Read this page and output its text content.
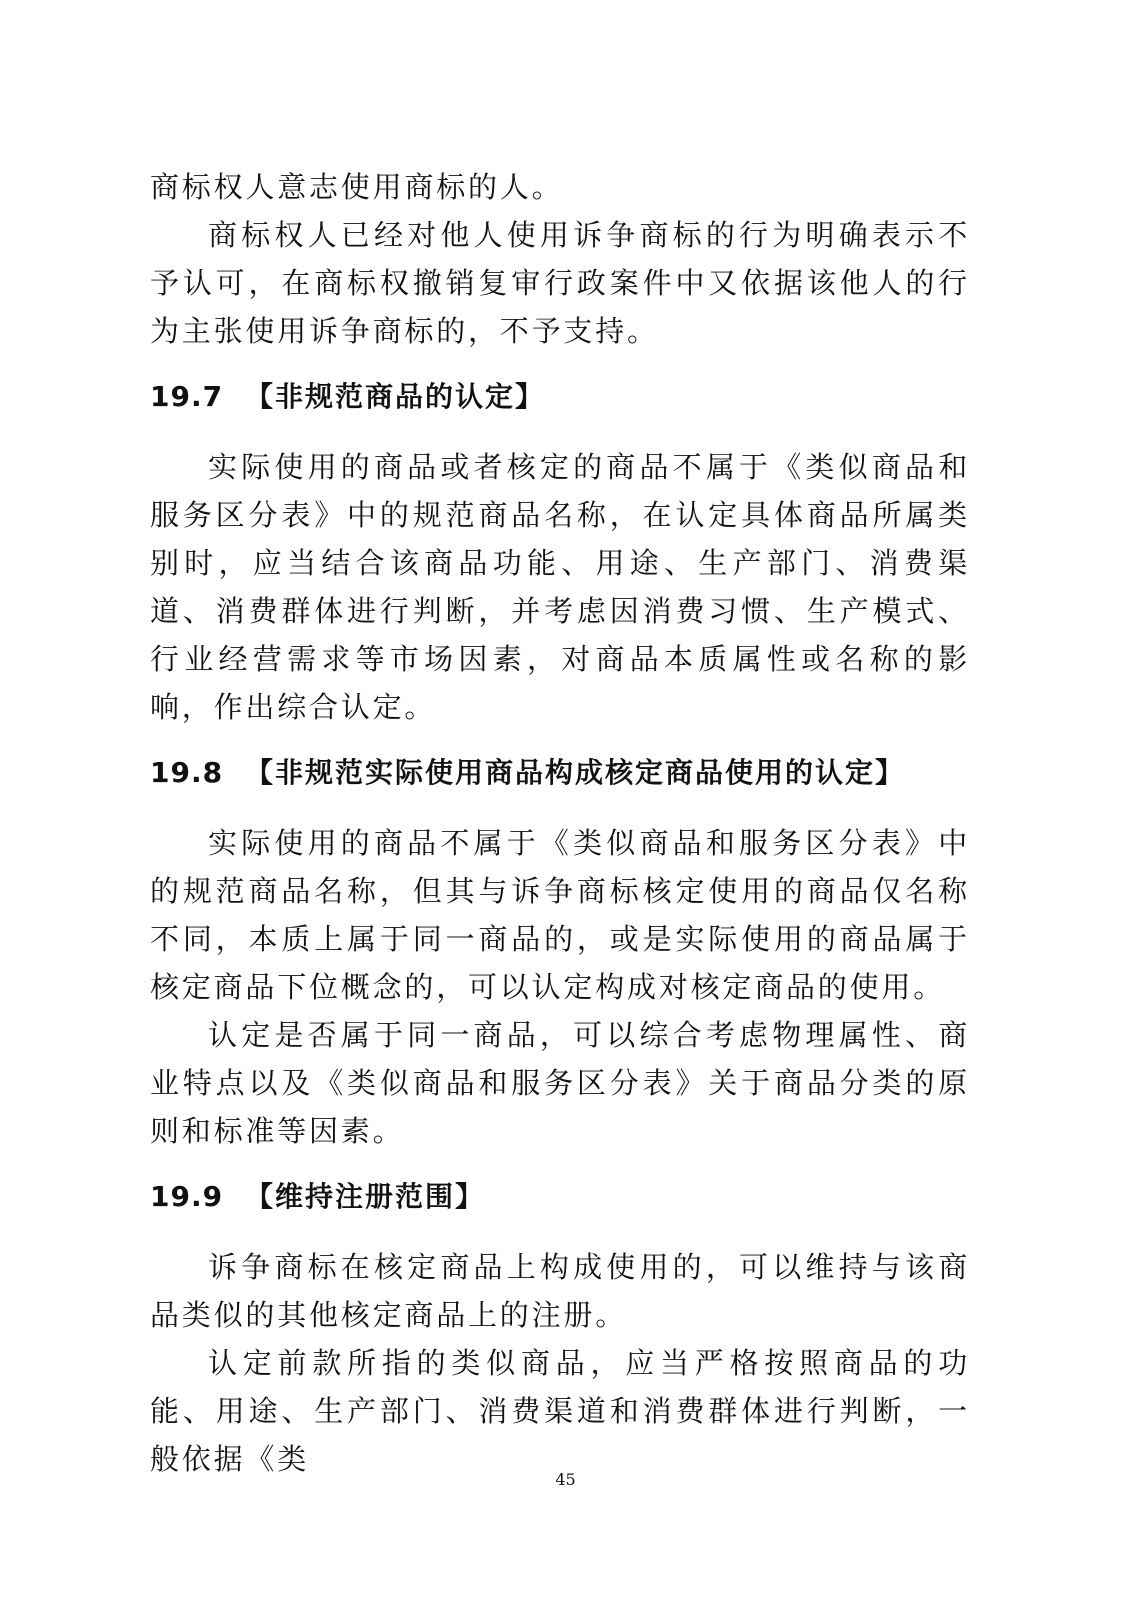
商标权人意志使用商标的人。

商标权人已经对他人使用诉争商标的行为明确表示不予认可，在商标权撤销复审行政案件中又依据该他人的行为主张使用诉争商标的，不予支持。

19.7 【非规范商品的认定】

实际使用的商品或者核定的商品不属于《类似商品和服务区分表》中的规范商品名称，在认定具体商品所属类别时，应当结合该商品功能、用途、生产部门、消费渠道、消费群体进行判断，并考虑因消费习惯、生产模式、行业经营需求等市场因素，对商品本质属性或名称的影响，作出综合认定。

19.8 【非规范实际使用商品构成核定商品使用的认定】

实际使用的商品不属于《类似商品和服务区分表》中的规范商品名称，但其与诉争商标核定使用的商品仅名称不同，本质上属于同一商品的，或是实际使用的商品属于核定商品下位概念的，可以认定构成对核定商品的使用。

认定是否属于同一商品，可以综合考虑物理属性、商业特点以及《类似商品和服务区分表》关于商品分类的原则和标准等因素。

19.9 【维持注册范围】

诉争商标在核定商品上构成使用的，可以维持与该商品类似的其他核定商品上的注册。

认定前款所指的类似商品，应当严格按照商品的功能、用途、生产部门、消费渠道和消费群体进行判断，一般依据《类

45
